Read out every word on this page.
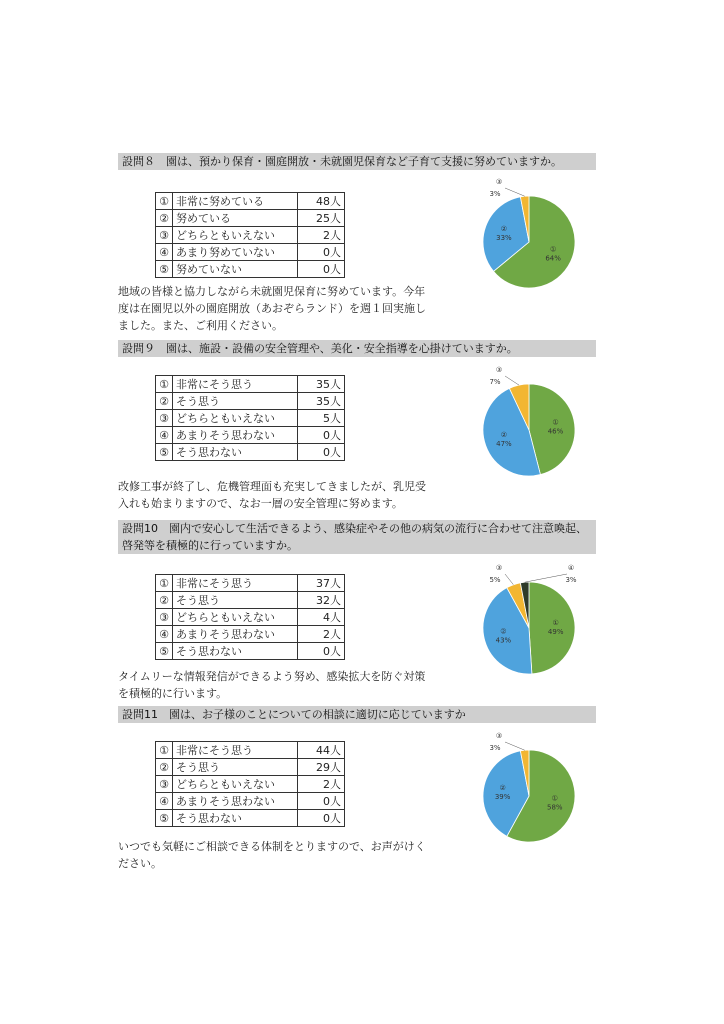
設問８　園は、預かり保育・園庭開放・未就園児保育など子育て支援に努めていますか。
①	非常に努めている	48人
②	努めている	25人
③	どちらともいえない	2人
④	あまり努めていない	0人
⑤	努めていない	0人
地域の皆様と協力しながら未就園児保育に努めています。今年度は在園児以外の園庭開放（あおぞらランド）を週１回実施しました。また、ご利用ください。
①
64%
②
33%
③
3%
設問９　園は、施設・設備の安全管理や、美化・安全指導を心掛けていますか。
①	非常にそう思う	35人
②	そう思う	35人
③	どちらともいえない	5人
④	あまりそう思わない	0人
⑤	そう思わない	0人
改修工事が終了し、危機管理面も充実してきましたが、乳児受入れも始まりますので、なお一層の安全管理に努めます。
①
46%
②
47%
③
7%
設問10　園内で安心して生活できるよう、感染症やその他の病気の流行に合わせて注意喚起、啓発等を積極的に行っていますか。
①	非常にそう思う	37人
②	そう思う	32人
③	どちらともいえない	4人
④	あまりそう思わない	2人
⑤	そう思わない	0人
タイムリーな情報発信ができるよう努め、感染拡大を防ぐ対策を積極的に行います。
①
49%
②
43%
③
5%
④
3%
設問11　園は、お子様のことについての相談に適切に応じていますか
①	非常にそう思う	44人
②	そう思う	29人
③	どちらともいえない	2人
④	あまりそう思わない	0人
⑤	そう思わない	0人
いつでも気軽にご相談できる体制をとりますので、お声がけください。
①
58%
②
39%
③
3%
